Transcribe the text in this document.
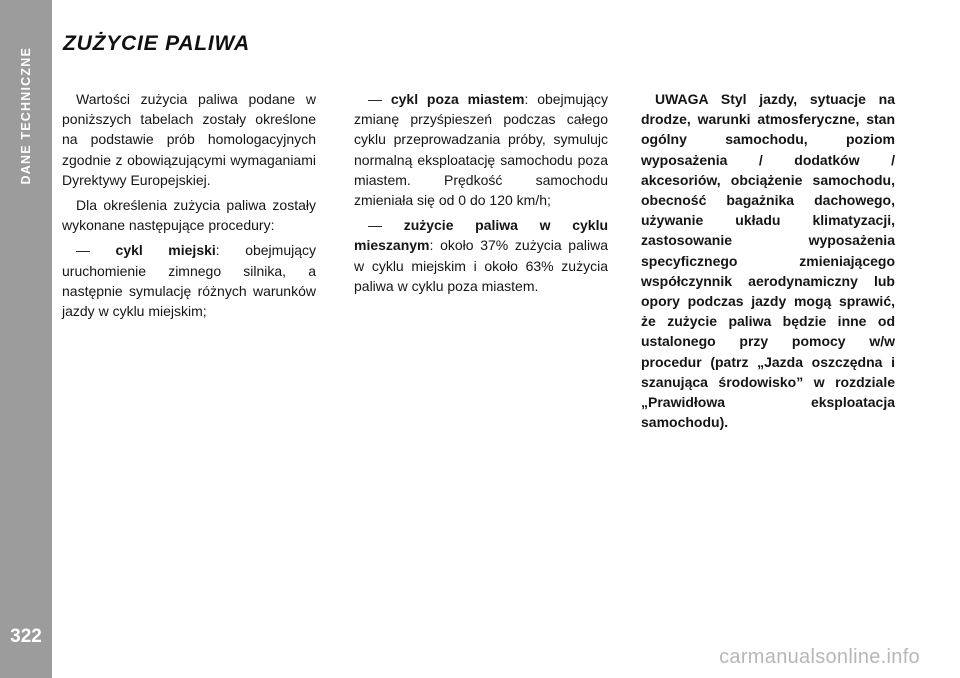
DANE TECHNICZNE
322
ZUŻYCIE PALIWA

Wartości zużycia paliwa podane w poniższych tabelach zostały określone na podstawie prób homologacyjnych zgodnie z obowiązującymi wymaganiami Dyrektywy Europejskiej.

Dla określenia zużycia paliwa zostały wykonane następujące procedury:

— cykl miejski: obejmujący uruchomienie zimnego silnika, a następnie symulację różnych warunków jazdy w cyklu miejskim;

— cykl poza miastem: obejmujący zmianę przyśpieszeń podczas całego cyklu przeprowadzania próby, symulujc normalną eksploatację samochodu poza miastem. Prędkość samochodu zmieniała się od 0 do 120 km/h;

— zużycie paliwa w cyklu mieszanym: około 37% zużycia paliwa w cyklu miejskim i około 63% zużycia paliwa w cyklu poza miastem.

UWAGA Styl jazdy, sytuacje na drodze, warunki atmosferyczne, stan ogólny samochodu, poziom wyposażenia / dodatków / akcesoriów, obciążenie samochodu, obecność bagażnika dachowego, używanie układu klimatyzacji, zastosowanie wyposażenia specyficznego zmieniającego współczynnik aerodynamiczny lub opory podczas jazdy mogą sprawić, że zużycie paliwa będzie inne od ustalonego przy pomocy w/w procedur (patrz „Jazda oszczędna i szanująca środowisko” w rozdziale „Prawidłowa eksploatacja samochodu).

carmanualsonline.info
